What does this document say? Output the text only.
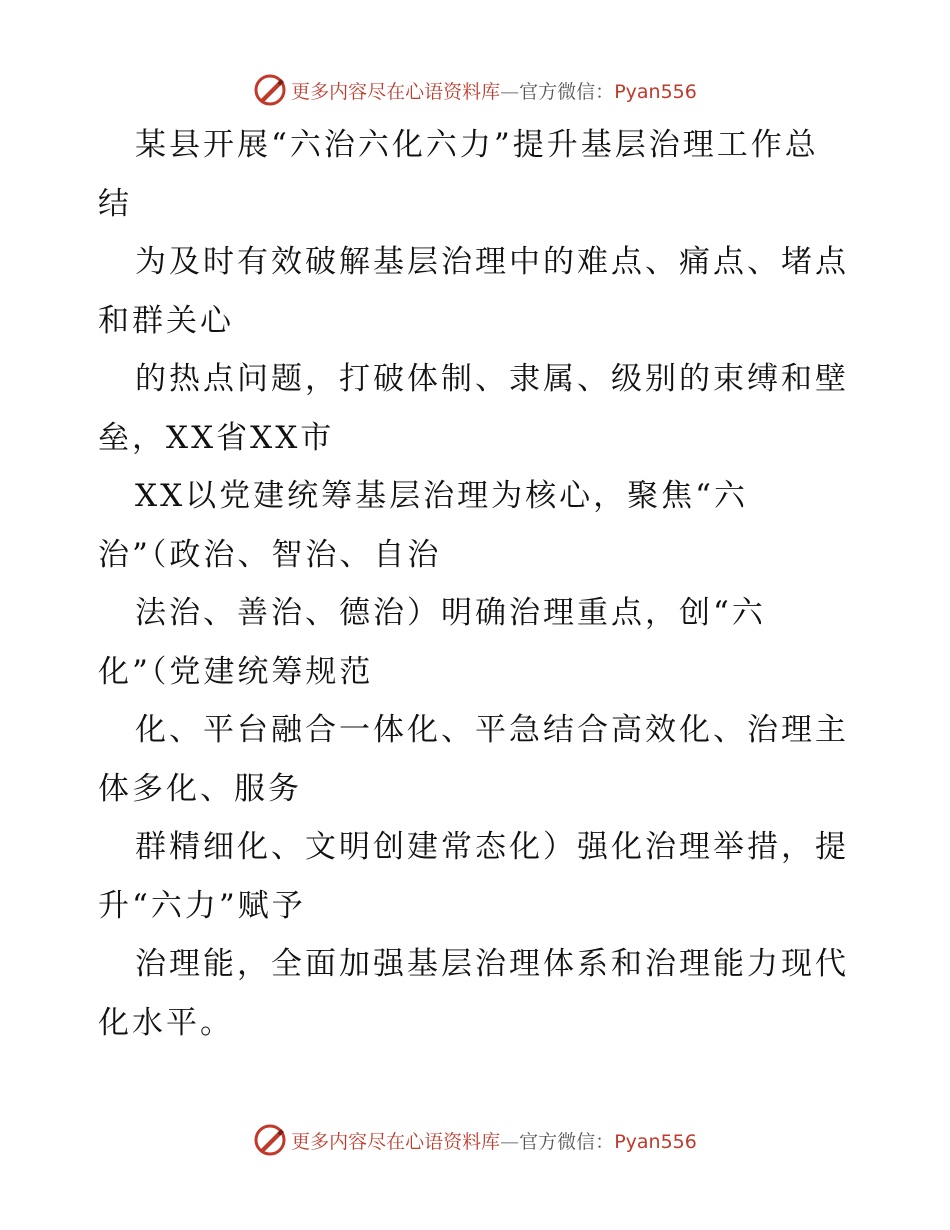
更多内容尽在心语资料库—官方微信：Pyan556
某县开展“六治六化六力”提升基层治理工作总
结
为及时有效破解基层治理中的难点、痛点、堵点
和群关心
的热点问题，打破体制、隶属、级别的束缚和壁
垒，XX省XX市
XX以党建统筹基层治理为核心，聚焦“六
治”（政治、智治、自治
法治、善治、德治）明确治理重点，创“六
化”（党建统筹规范
化、平台融合一体化、平急结合高效化、治理主
体多化、服务
群精细化、文明创建常态化）强化治理举措，提
升“六力”赋予
治理能，全面加强基层治理体系和治理能力现代
化水平。
更多内容尽在心语资料库—官方微信：Pyan556
